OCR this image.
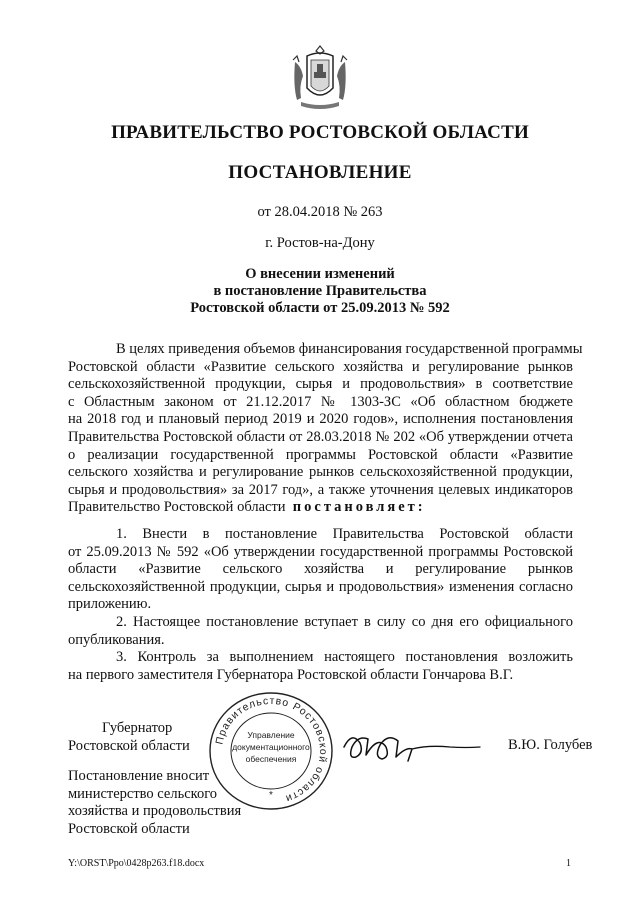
ПРАВИТЕЛЬСТВО РОСТОВСКОЙ ОБЛАСТИ
ПОСТАНОВЛЕНИЕ
от 28.04.2018 № 263
г. Ростов-на-Дону
О внесении изменений
в постановление Правительства
Ростовской области от 25.09.2013 № 592
В целях приведения объемов финансирования государственной программы
Ростовской области «Развитие сельского хозяйства и регулирование рынков
сельскохозяйственной продукции, сырья и продовольствия» в соответствие
с Областным законом от 21.12.2017 № 1303-ЗС «Об областном бюджете
на 2018 год и плановый период 2019 и 2020 годов», исполнения постановления
Правительства Ростовской области от 28.03.2018 № 202 «Об утверждении отчета
о реализации государственной программы Ростовской области «Развитие
сельского хозяйства и регулирование рынков сельскохозяйственной продукции,
сырья и продовольствия» за 2017 год», а также уточнения целевых индикаторов
Правительство Ростовской области постановляет:
1. Внести в постановление Правительства Ростовской области
от 25.09.2013 № 592 «Об утверждении государственной программы Ростовской
области «Развитие сельского хозяйства и регулирование рынков
сельскохозяйственной продукции, сырья и продовольствия» изменения согласно
приложению.
2. Настоящее постановление вступает в силу со дня его официального
опубликования.
3. Контроль за выполнением настоящего постановления возложить
на первого заместителя Губернатора Ростовской области Гончарова В.Г.
Губернатор
Ростовской области Правительство Ростовской области
Управление
документационного
обеспечения
*
В.Ю. Голубев
Постановление вносит
министерство сельского
хозяйства и продовольствия
Ростовской области
Y:\ORST\Ppo\0428p263.f18.docx	1
